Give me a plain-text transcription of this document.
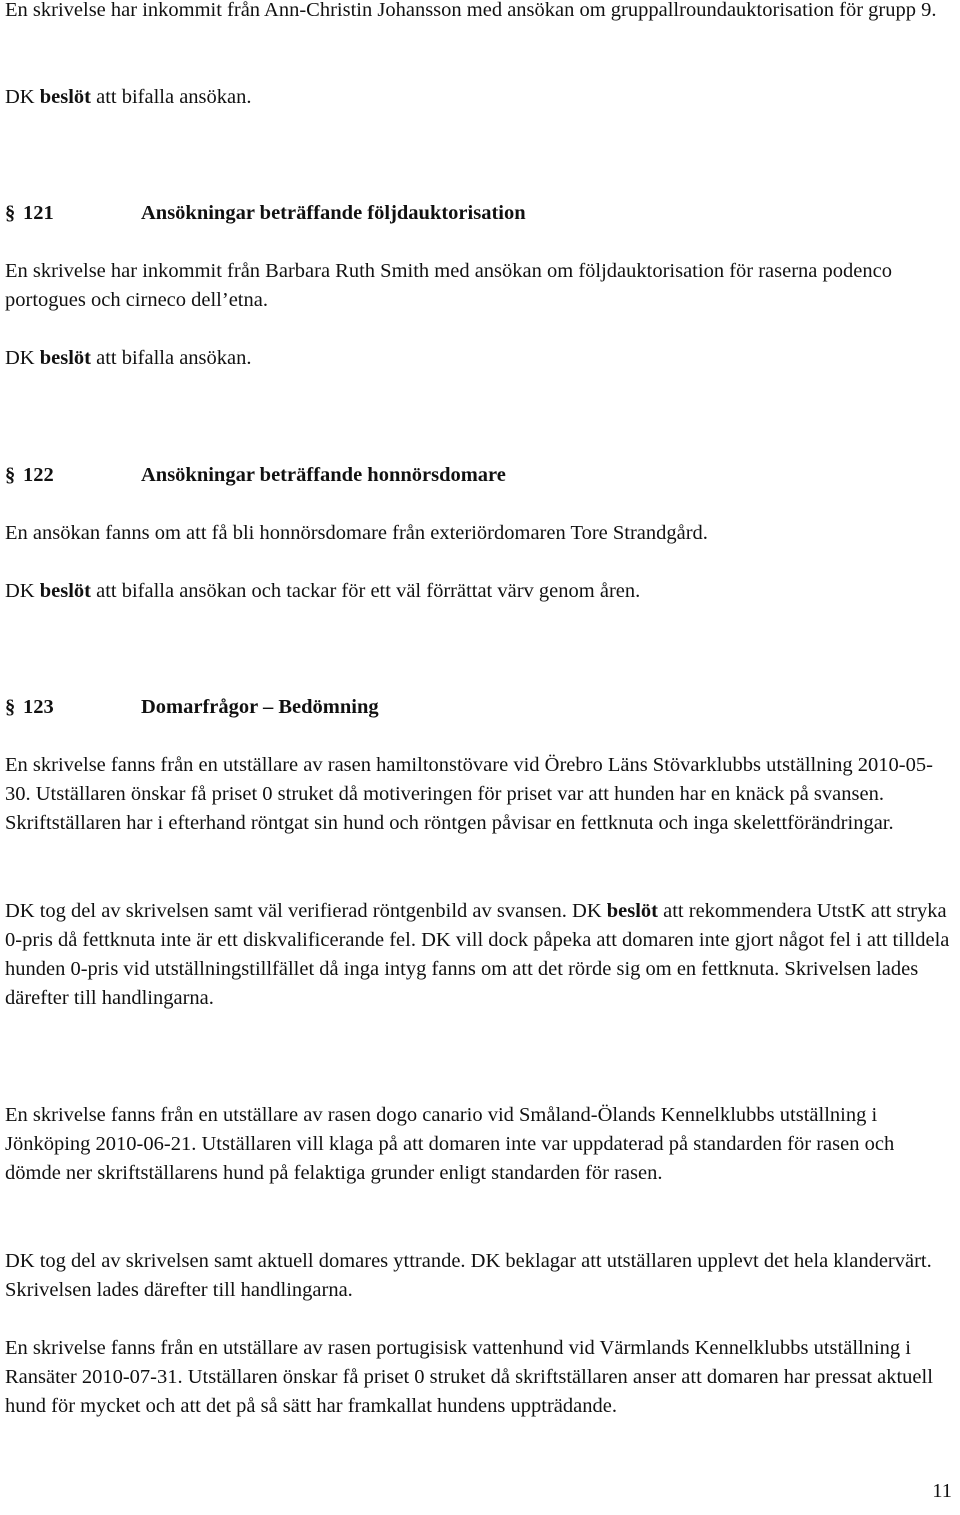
En skrivelse har inkommit från Ann-Christin Johansson med ansökan om gruppallroundauktorisation för grupp 9.

DK beslöt att bifalla ansökan.

§ 121	Ansökningar beträffande följdauktorisation

En skrivelse har inkommit från Barbara Ruth Smith med ansökan om följdauktorisation för raserna podenco portogues och cirneco dell’etna.

DK beslöt att bifalla ansökan.

§ 122	Ansökningar beträffande honnörsdomare

En ansökan fanns om att få bli honnörsdomare från exteriördomaren Tore Strandgård.

DK beslöt att bifalla ansökan och tackar för ett väl förrättat värv genom åren.

§ 123	Domarfrågor – Bedömning

En skrivelse fanns från en utställare av rasen hamiltonstövare vid Örebro Läns Stövarklubbs utställning 2010-05-30. Utställaren önskar få priset 0 struket då motiveringen för priset var att hunden har en knäck på svansen. Skriftställaren har i efterhand röntgat sin hund och röntgen påvisar en fettknuta och inga skelettförändringar.

DK tog del av skrivelsen samt väl verifierad röntgenbild av svansen. DK beslöt att rekommendera UtstK att stryka 0-pris då fettknuta inte är ett diskvalificerande fel. DK vill dock påpeka att domaren inte gjort något fel i att tilldela hunden 0-pris vid utställningstillfället då inga intyg fanns om att det rörde sig om en fettknuta. Skrivelsen lades därefter till handlingarna.

En skrivelse fanns från en utställare av rasen dogo canario vid Småland-Ölands Kennelklubbs utställning i Jönköping 2010-06-21. Utställaren vill klaga på att domaren inte var uppdaterad på standarden för rasen och dömde ner skriftställarens hund på felaktiga grunder enligt standarden för rasen.

DK tog del av skrivelsen samt aktuell domares yttrande. DK beklagar att utställaren upplevt det hela klandervärt. Skrivelsen lades därefter till handlingarna.

En skrivelse fanns från en utställare av rasen portugisisk vattenhund vid Värmlands Kennelklubbs utställning i Ransäter 2010-07-31. Utställaren önskar få priset 0 struket då skriftställaren anser att domaren har pressat aktuell hund för mycket och att det på så sätt har framkallat hundens uppträdande.

11
